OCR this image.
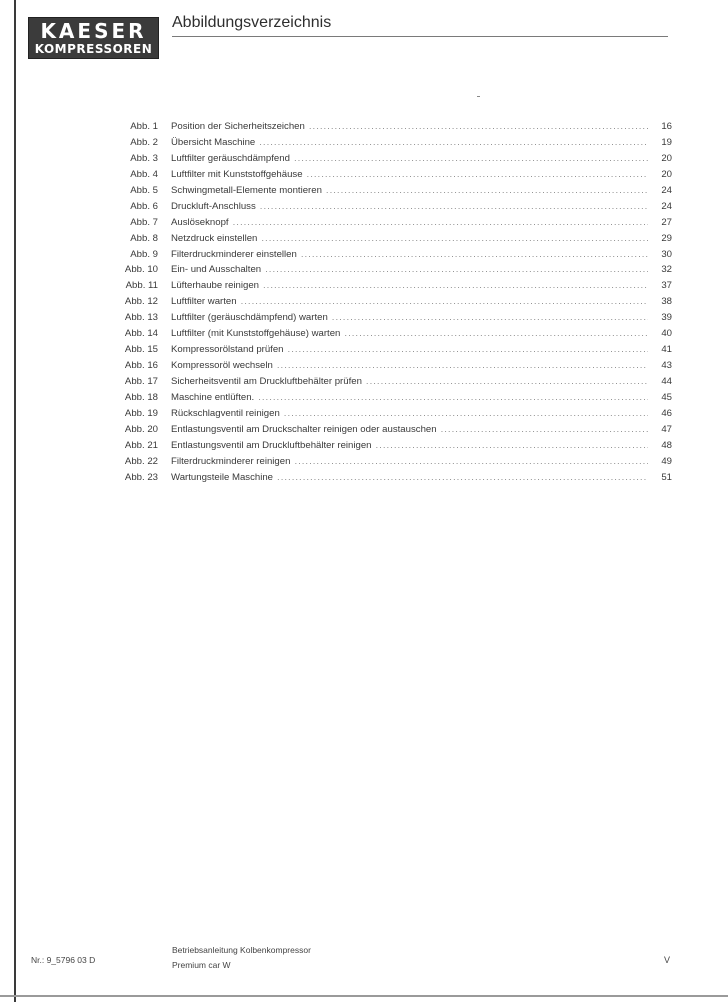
KAESER
KOMPRESSOREN
Abbildungsverzeichnis
Abb. 1 Position der Sicherheitszeichen .....	16
Abb. 2 Übersicht Maschine .....	19
Abb. 3 Luftfilter geräuschdämpfend .....	20
Abb. 4 Luftfilter mit Kunststoffgehäuse .....	20
Abb. 5 Schwingmetall-Elemente montieren .....	24
Abb. 6 Druckluft-Anschluss .....	24
Abb. 7 Auslöseknopf .....	27
Abb. 8 Netzdruck einstellen .....	29
Abb. 9 Filterdruckminderer einstellen .....	30
Abb. 10 Ein- und Ausschalten .....	32
Abb. 11 Lüfterhaube reinigen .....	37
Abb. 12 Luftfilter warten .....	38
Abb. 13 Luftfilter (geräuschdämpfend) warten .....	39
Abb. 14 Luftfilter (mit Kunststoffgehäuse) warten .....	40
Abb. 15 Kompressorölstand prüfen .....	41
Abb. 16 Kompressoröl wechseln .....	43
Abb. 17 Sicherheitsventil am Druckluftbehälter prüfen .....	44
Abb. 18 Maschine entlüften. .....	45
Abb. 19 Rückschlagventil reinigen .....	46
Abb. 20 Entlastungsventil am Druckschalter reinigen oder austauschen .....	47
Abb. 21 Entlastungsventil am Druckluftbehälter reinigen .....	48
Abb. 22 Filterdruckminderer reinigen .....	49
Abb. 23 Wartungsteile Maschine .....	51
Nr.: 9_5796 03 D
Betriebsanleitung Kolbenkompressor
Premium car W	V
